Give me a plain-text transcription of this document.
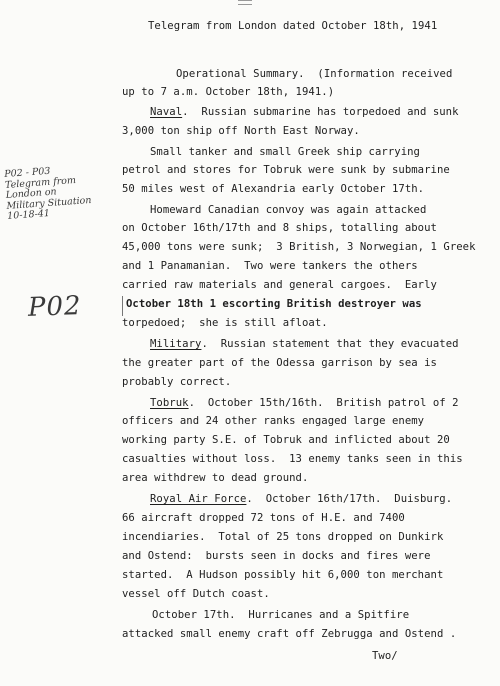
Telegram from London dated October 18th, 1941
Operational Summary.  (Information received
up to 7 a.m. October 18th, 1941.)
Naval.  Russian submarine has torpedoed and sunk
3,000 ton ship off North East Norway.
Small tanker and small Greek ship carrying
petrol and stores for Tobruk were sunk by submarine
50 miles west of Alexandria early October 17th.
Homeward Canadian convoy was again attacked
on October 16th/17th and 8 ships, totalling about
45,000 tons were sunk;  3 British, 3 Norwegian, 1 Greek
and 1 Panamanian.  Two were tankers the others
carried raw materials and general cargoes.  Early
October 18th 1 escorting British destroyer was
torpedoed;  she is still afloat.
Military.  Russian statement that they evacuated
the greater part of the Odessa garrison by sea is
probably correct.
Tobruk.  October 15th/16th.  British patrol of 2
officers and 24 other ranks engaged large enemy
working party S.E. of Tobruk and inflicted about 20
casualties without loss.  13 enemy tanks seen in this
area withdrew to dead ground.
Royal Air Force.  October 16th/17th.  Duisburg.
66 aircraft dropped 72 tons of H.E. and 7400
incendiaries.  Total of 25 tons dropped on Dunkirk
and Ostend:  bursts seen in docks and fires were
started.  A Hudson possibly hit 6,000 ton merchant
vessel off Dutch coast.
October 17th.  Hurricanes and a Spitfire
attacked small enemy craft off Zebrugga and Ostend .
Two/
P02 - P03
Telegram from
London on
Military Situation
10-18-41
P02
